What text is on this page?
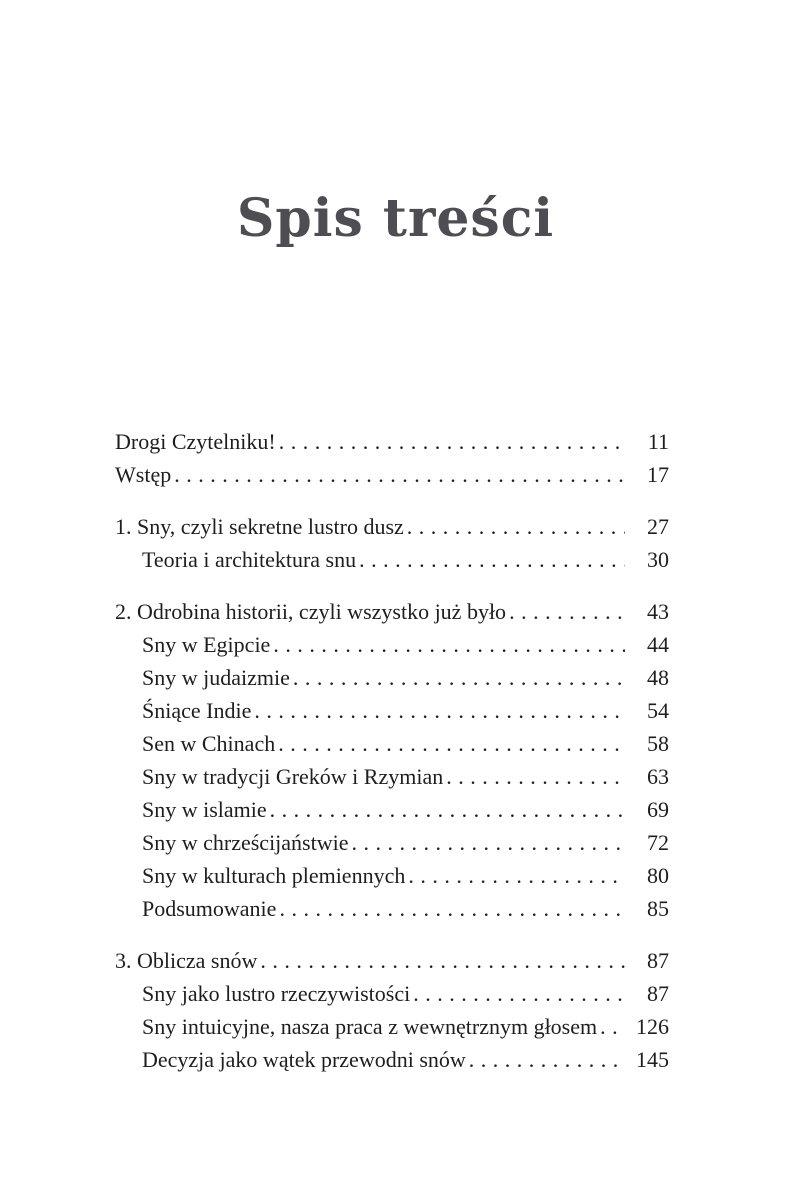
Spis treści
Drogi Czytelniku! . . .	11
Wstęp . . .	17
1. Sny, czyli sekretne lustro dusz . . .	27
Teoria i architektura snu . . .	30
2. Odrobina historii, czyli wszystko już było . . .	43
Sny w Egipcie . . .	44
Sny w judaizmie . . .	48
Śniące Indie . . .	54
Sen w Chinach . . .	58
Sny w tradycji Greków i Rzymian . . .	63
Sny w islamie . . .	69
Sny w chrześcijaństwie . . .	72
Sny w kulturach plemiennych . . .	80
Podsumowanie . . .	85
3. Oblicza snów . . .	87
Sny jako lustro rzeczywistości . . .	87
Sny intuicyjne, nasza praca z wewnętrznym głosem . . . 126
Decyzja jako wątek przewodni snów . . .	145
